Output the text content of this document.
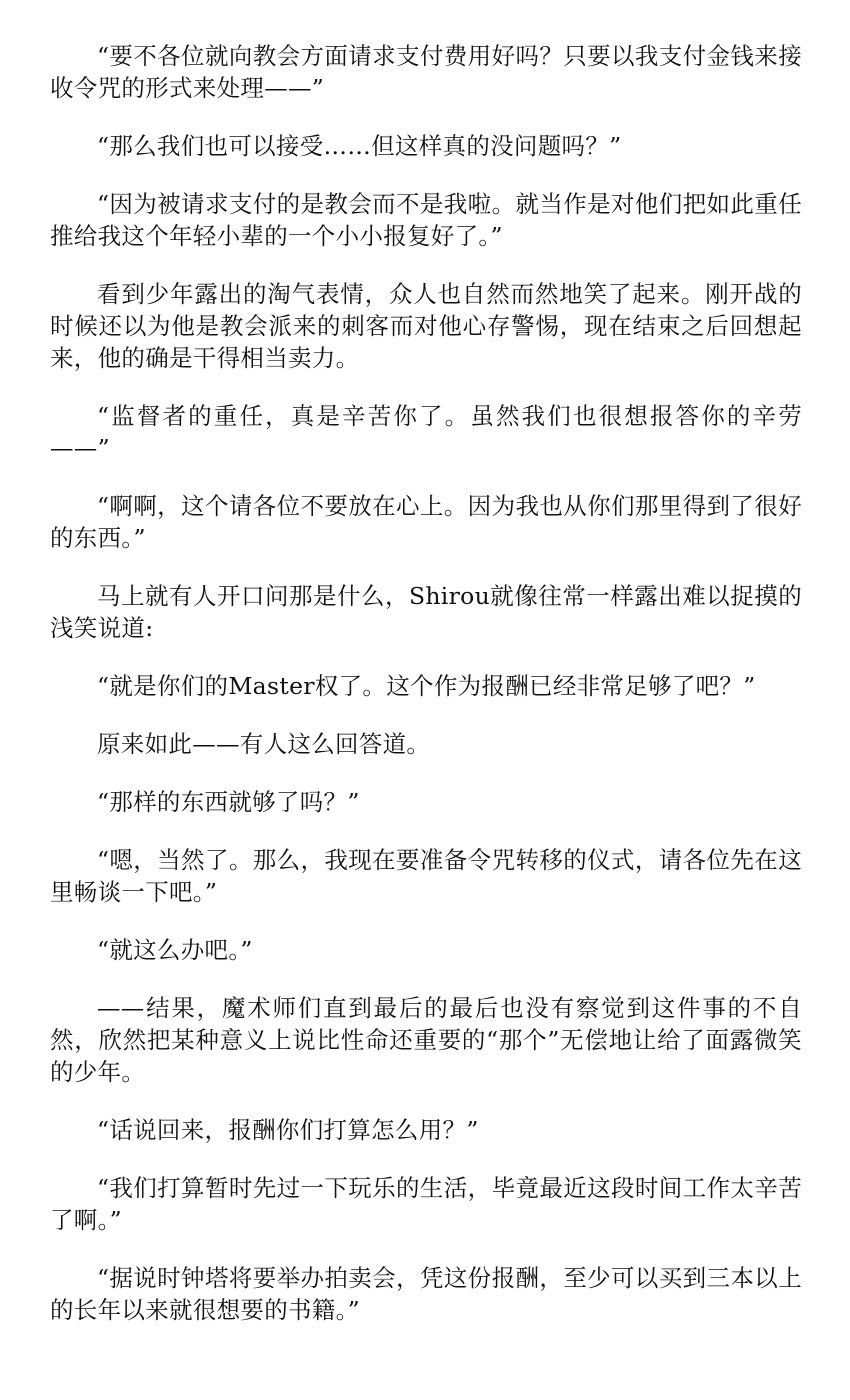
“要不各位就向教会方面请求支付费用好吗？只要以我支付金钱来接收令咒的形式来处理——”

“那么我们也可以接受……但这样真的没问题吗？”

“因为被请求支付的是教会而不是我啦。就当作是对他们把如此重任推给我这个年轻小辈的一个小小报复好了。”

看到少年露出的淘气表情，众人也自然而然地笑了起来。刚开战的时候还以为他是教会派来的刺客而对他心存警惕，现在结束之后回想起来，他的确是干得相当卖力。

“监督者的重任，真是辛苦你了。虽然我们也很想报答你的辛劳——”

“啊啊，这个请各位不要放在心上。因为我也从你们那里得到了很好的东西。”

马上就有人开口问那是什么，Shirou就像往常一样露出难以捉摸的浅笑说道:

“就是你们的Master权了。这个作为报酬已经非常足够了吧？”

原来如此——有人这么回答道。

“那样的东西就够了吗？”

“嗯，当然了。那么，我现在要准备令咒转移的仪式，请各位先在这里畅谈一下吧。”

“就这么办吧。”

——结果，魔术师们直到最后的最后也没有察觉到这件事的不自然，欣然把某种意义上说比性命还重要的“那个”无偿地让给了面露微笑的少年。

“话说回来，报酬你们打算怎么用？”

“我们打算暂时先过一下玩乐的生活，毕竟最近这段时间工作太辛苦了啊。”

“据说时钟塔将要举办拍卖会，凭这份报酬，至少可以买到三本以上的长年以来就很想要的书籍。”
